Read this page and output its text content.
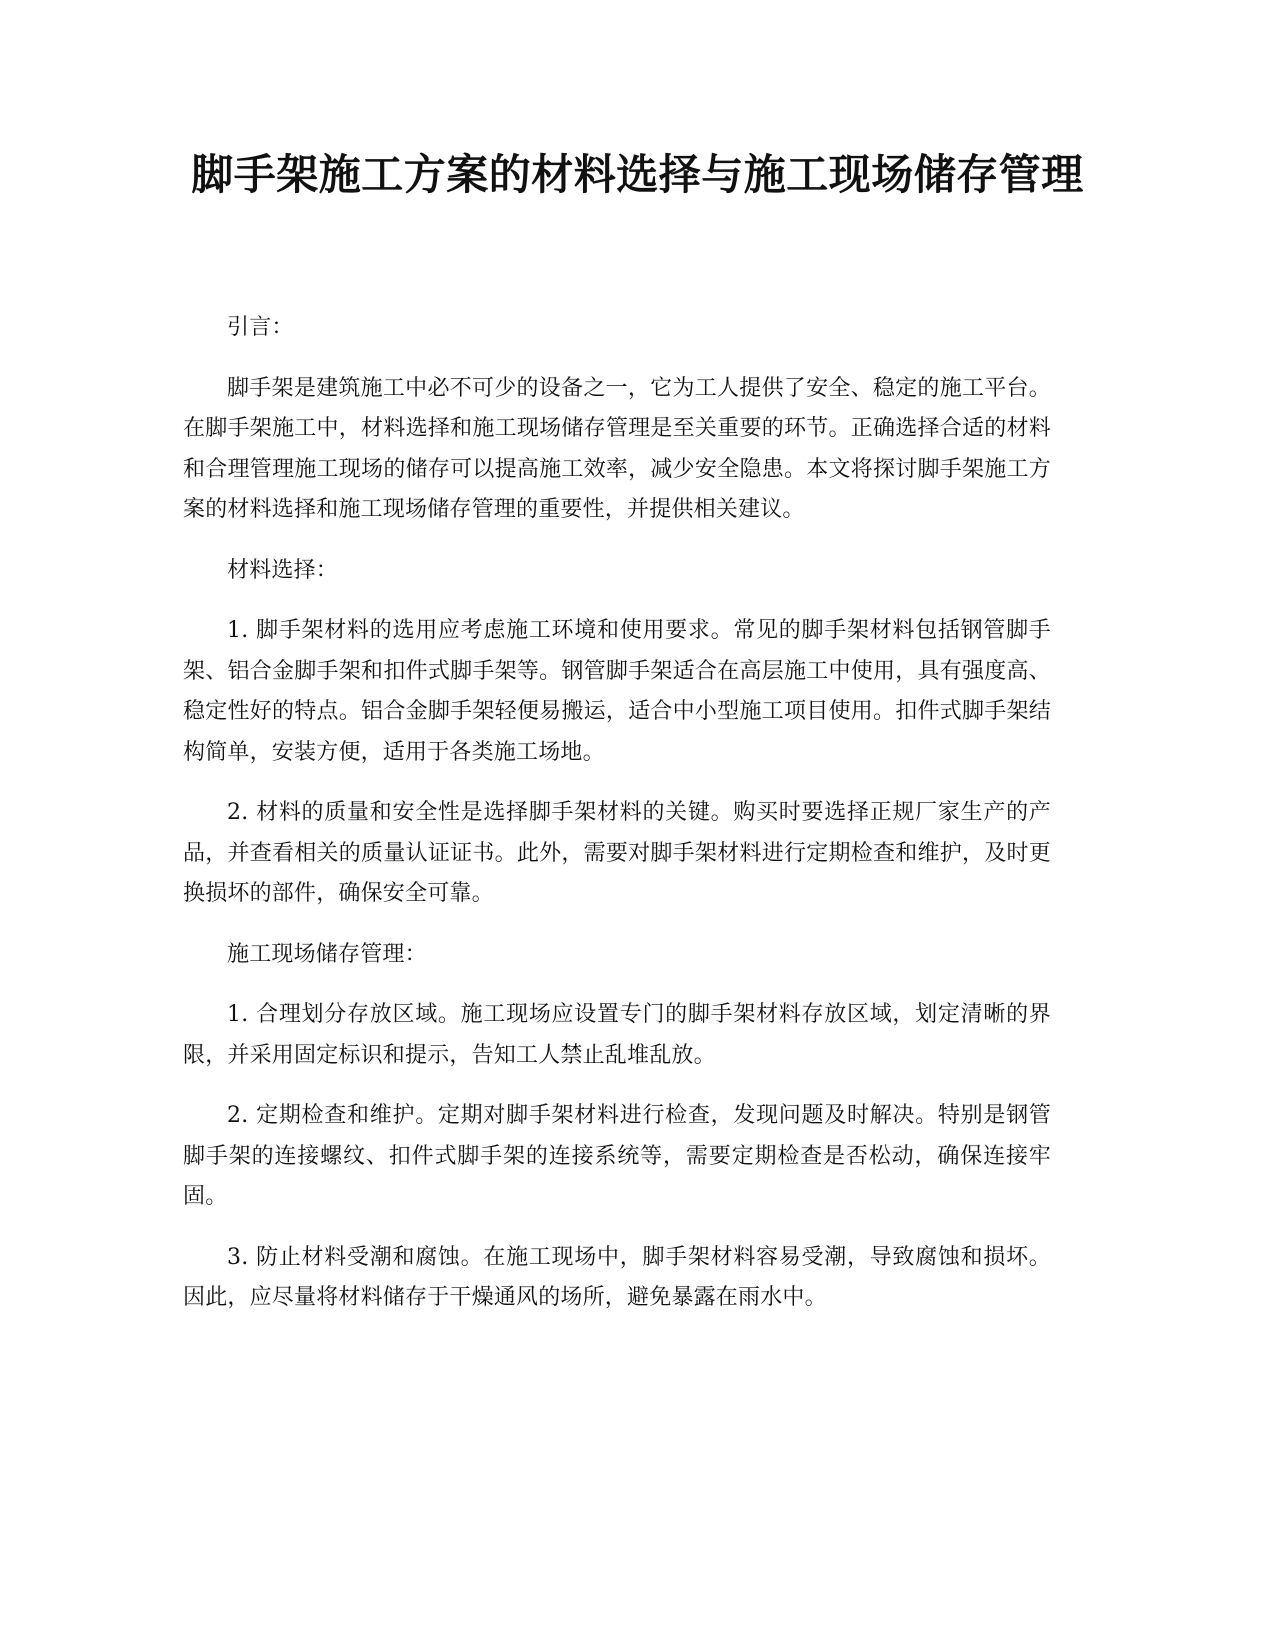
脚手架施工方案的材料选择与施工现场储存管理

引言：

脚手架是建筑施工中必不可少的设备之一，它为工人提供了安全、稳定的施工平台。在脚手架施工中，材料选择和施工现场储存管理是至关重要的环节。正确选择合适的材料和合理管理施工现场的储存可以提高施工效率，减少安全隐患。本文将探讨脚手架施工方案的材料选择和施工现场储存管理的重要性，并提供相关建议。

材料选择：

1. 脚手架材料的选用应考虑施工环境和使用要求。常见的脚手架材料包括钢管脚手架、铝合金脚手架和扣件式脚手架等。钢管脚手架适合在高层施工中使用，具有强度高、稳定性好的特点。铝合金脚手架轻便易搬运，适合中小型施工项目使用。扣件式脚手架结构简单，安装方便，适用于各类施工场地。

2. 材料的质量和安全性是选择脚手架材料的关键。购买时要选择正规厂家生产的产品，并查看相关的质量认证证书。此外，需要对脚手架材料进行定期检查和维护，及时更换损坏的部件，确保安全可靠。

施工现场储存管理：

1. 合理划分存放区域。施工现场应设置专门的脚手架材料存放区域，划定清晰的界限，并采用固定标识和提示，告知工人禁止乱堆乱放。

2. 定期检查和维护。定期对脚手架材料进行检查，发现问题及时解决。特别是钢管脚手架的连接螺纹、扣件式脚手架的连接系统等，需要定期检查是否松动，确保连接牢固。

3. 防止材料受潮和腐蚀。在施工现场中，脚手架材料容易受潮，导致腐蚀和损坏。因此，应尽量将材料储存于干燥通风的场所，避免暴露在雨水中。
